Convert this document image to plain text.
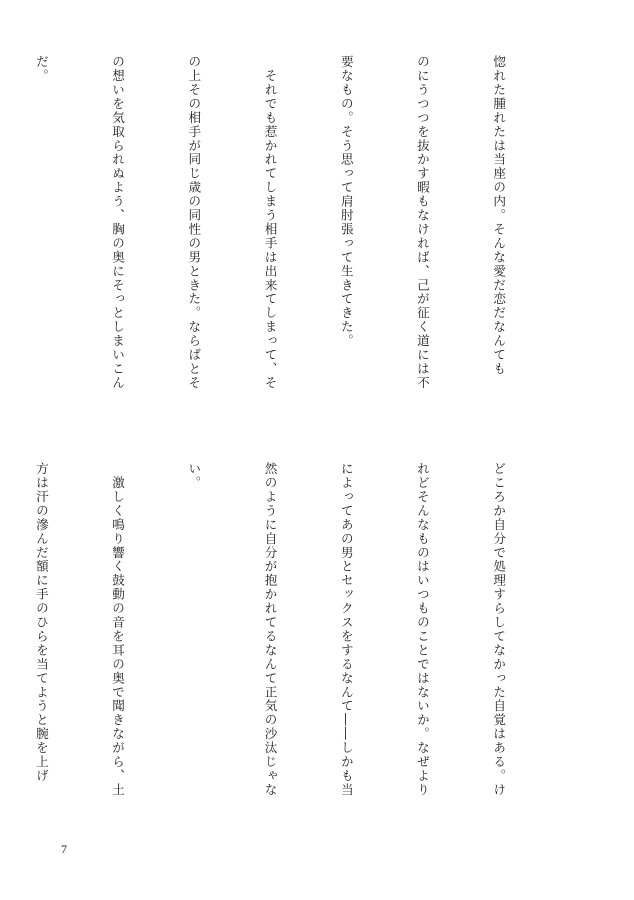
惚れた腫れたは当座の内。そんな愛だ恋だなんても

のにうつつを抜かす暇もなければ、己が征く道には不

要なもの。そう思って肩肘張って生きてきた。

　それでも惹かれてしまう相手は出来てしまって、そ

の上その相手が同じ歳の同性の男ときた。ならばとそ

の想いを気取られぬよう、胸の奥にそっとしまいこん

だ。

どころか自分で処理すらしてなかった自覚はある。け

れどそんなものはいつものことではないか。なぜより

によってあの男とセックスをするなんて――しかも当

然のように自分が抱かれてるなんて正気の沙汰じゃな

い。

　激しく鳴り響く鼓動の音を耳の奥で聞きながら、土

方は汗の滲んだ額に手のひらを当てようと腕を上げ

7
